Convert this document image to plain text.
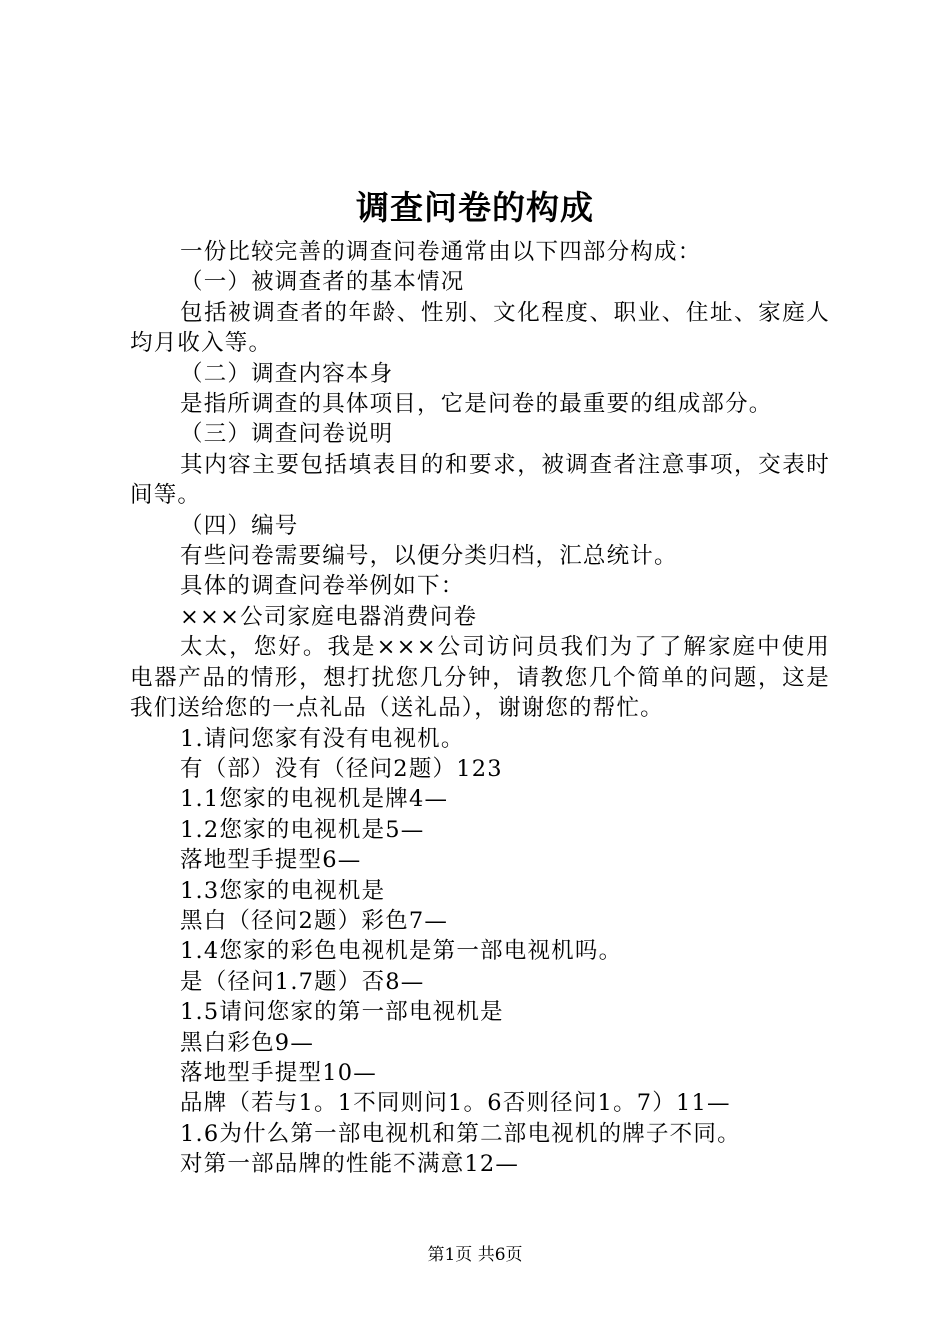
调查问卷的构成

一份比较完善的调查问卷通常由以下四部分构成：

（一）被调查者的基本情况

包括被调查者的年龄、性别、文化程度、职业、住址、家庭人均月收入等。

（二）调查内容本身

是指所调查的具体项目，它是问卷的最重要的组成部分。

（三）调查问卷说明

其内容主要包括填表目的和要求，被调查者注意事项，交表时间等。

（四）编号

有些问卷需要编号，以便分类归档，汇总统计。

具体的调查问卷举例如下：

×××公司家庭电器消费问卷

太太，您好。我是×××公司访问员我们为了了解家庭中使用电器产品的情形，想打扰您几分钟，请教您几个简单的问题，这是我们送给您的一点礼品（送礼品），谢谢您的帮忙。

1.请问您家有没有电视机。

有（部）没有（径问2题）123

1.1您家的电视机是牌4—

1.2您家的电视机是5—

落地型手提型6—

1.3您家的电视机是

黑白（径问2题）彩色7—

1.4您家的彩色电视机是第一部电视机吗。

是（径问1.7题）否8—

1.5请问您家的第一部电视机是

黑白彩色9—

落地型手提型10—

品牌（若与1。1不同则问1。6否则径问1。7）11—

1.6为什么第一部电视机和第二部电视机的牌子不同。

对第一部品牌的性能不满意12—

第1页 共6页
